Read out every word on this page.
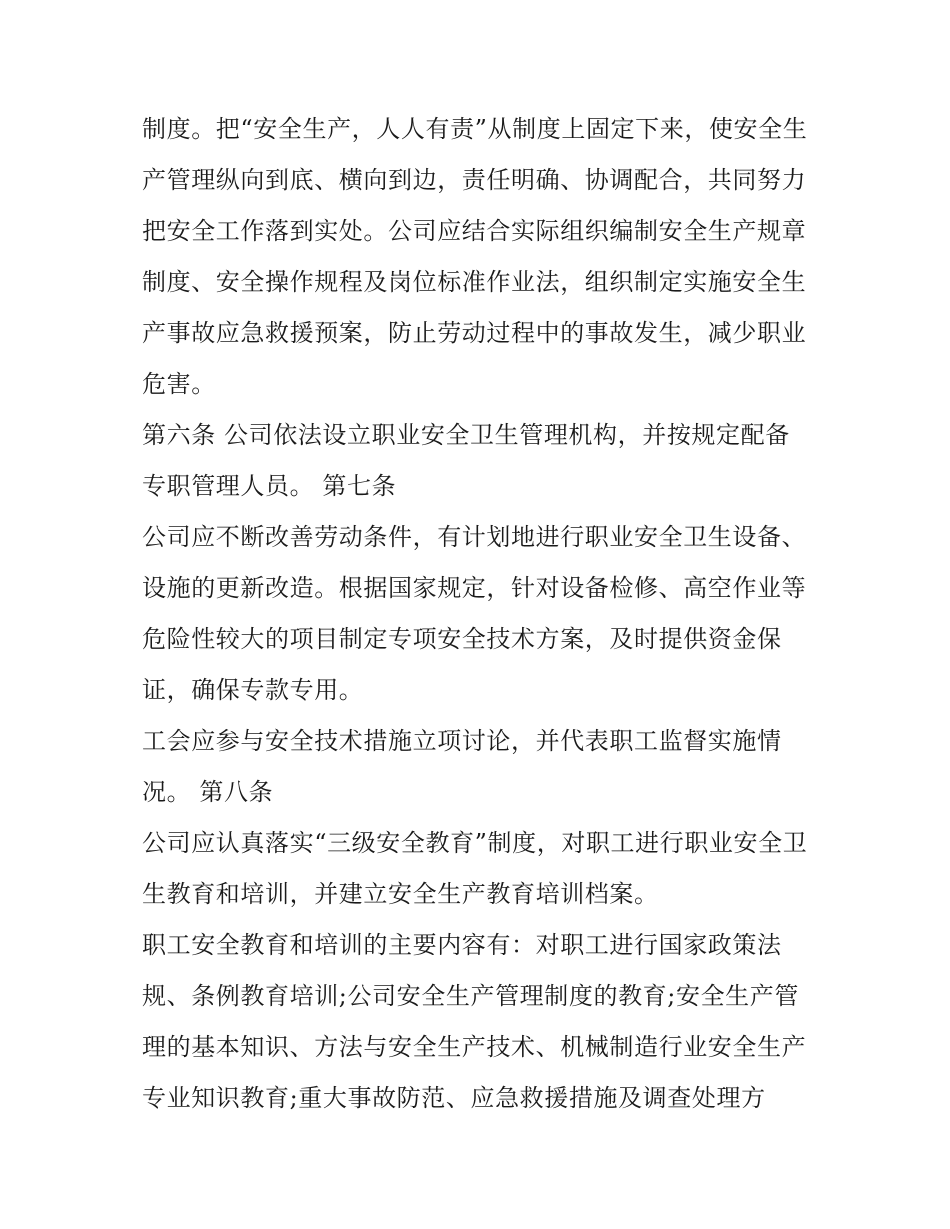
制度。把“安全生产，人人有责”从制度上固定下来，使安全生
产管理纵向到底、横向到边，责任明确、协调配合，共同努力
把安全工作落到实处。公司应结合实际组织编制安全生产规章
制度、安全操作规程及岗位标准作业法，组织制定实施安全生
产事故应急救援预案，防止劳动过程中的事故发生，减少职业
危害。
第六条 公司依法设立职业安全卫生管理机构，并按规定配备
专职管理人员。 第七条
公司应不断改善劳动条件，有计划地进行职业安全卫生设备、
设施的更新改造。根据国家规定，针对设备检修、高空作业等
危险性较大的项目制定专项安全技术方案，及时提供资金保
证，确保专款专用。
工会应参与安全技术措施立项讨论，并代表职工监督实施情
况。 第八条
公司应认真落实“三级安全教育”制度，对职工进行职业安全卫
生教育和培训，并建立安全生产教育培训档案。
职工安全教育和培训的主要内容有：对职工进行国家政策法
规、条例教育培训;公司安全生产管理制度的教育;安全生产管
理的基本知识、方法与安全生产技术、机械制造行业安全生产
专业知识教育;重大事故防范、应急救援措施及调查处理方
